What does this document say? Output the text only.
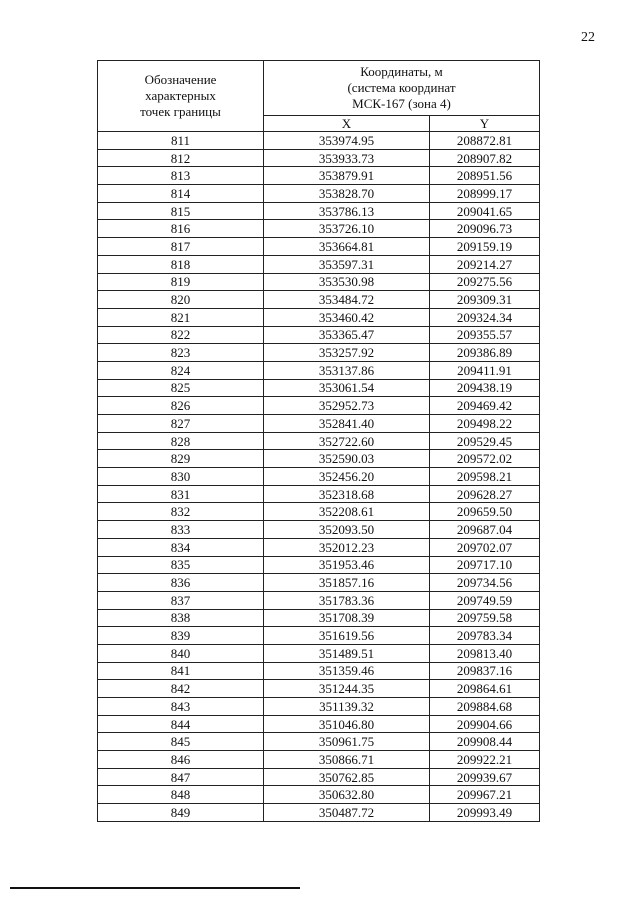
22
Обозначение
характерных
точек границы	Координаты, м
(система координат
МСК-167 (зона 4)	
	X	Y
811	353974.95	208872.81
812	353933.73	208907.82
813	353879.91	208951.56
814	353828.70	208999.17
815	353786.13	209041.65
816	353726.10	209096.73
817	353664.81	209159.19
818	353597.31	209214.27
819	353530.98	209275.56
820	353484.72	209309.31
821	353460.42	209324.34
822	353365.47	209355.57
823	353257.92	209386.89
824	353137.86	209411.91
825	353061.54	209438.19
826	352952.73	209469.42
827	352841.40	209498.22
828	352722.60	209529.45
829	352590.03	209572.02
830	352456.20	209598.21
831	352318.68	209628.27
832	352208.61	209659.50
833	352093.50	209687.04
834	352012.23	209702.07
835	351953.46	209717.10
836	351857.16	209734.56
837	351783.36	209749.59
838	351708.39	209759.58
839	351619.56	209783.34
840	351489.51	209813.40
841	351359.46	209837.16
842	351244.35	209864.61
843	351139.32	209884.68
844	351046.80	209904.66
845	350961.75	209908.44
846	350866.71	209922.21
847	350762.85	209939.67
848	350632.80	209967.21
849	350487.72	209993.49
